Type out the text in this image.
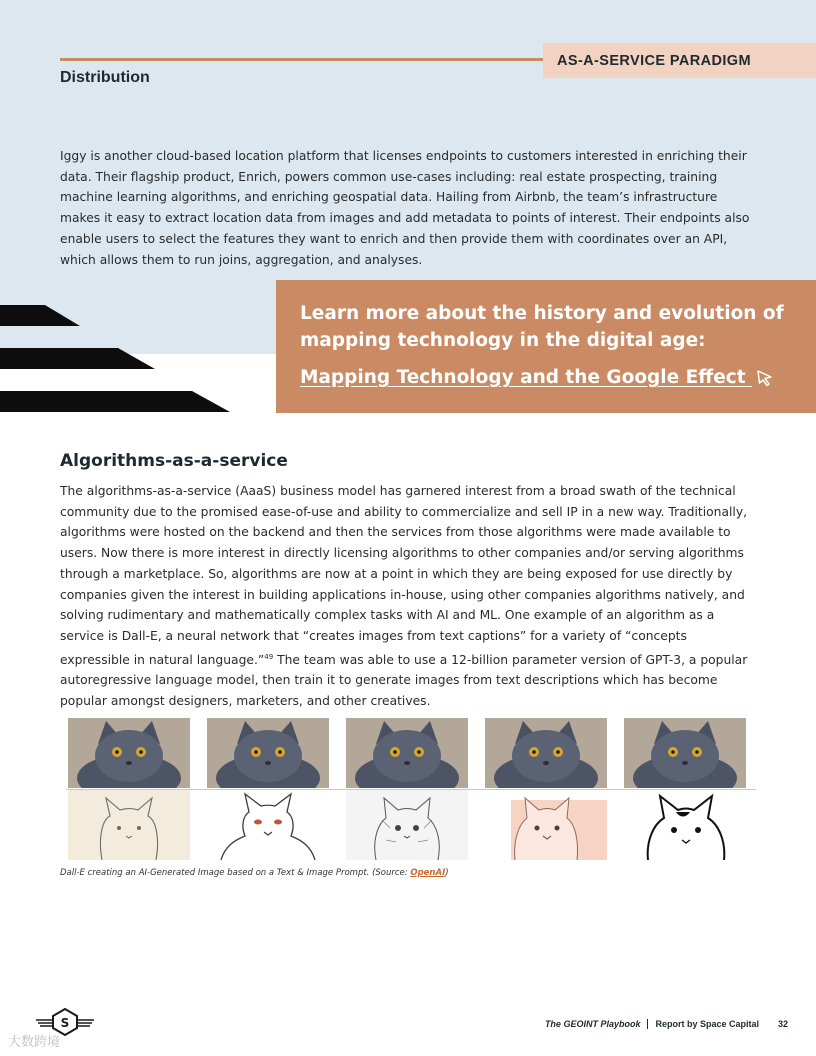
AS-A-SERVICE PARADIGM
Distribution

Iggy is another cloud-based location platform that licenses endpoints to customers interested in enriching their data. Their flagship product, Enrich, powers common use-cases including: real estate prospecting, training machine learning algorithms, and enriching geospatial data. Hailing from Airbnb, the team’s infrastructure makes it easy to extract location data from images and add metadata to points of interest. Their endpoints also enable users to select the features they want to enrich and then provide them with coordinates over an API, which allows them to run joins, aggregation, and analyses.

Learn more about the history and evolution of mapping technology in the digital age:
Mapping Technology and the Google Effect
Algorithms-as-a-service

The algorithms-as-a-service (AaaS) business model has garnered interest from a broad swath of the technical community due to the promised ease-of-use and ability to commercialize and sell IP in a new way. Traditionally, algorithms were hosted on the backend and then the services from those algorithms were made available to users. Now there is more interest in directly licensing algorithms to other companies and/or serving algorithms through a marketplace. So, algorithms are now at a point in which they are being exposed for use directly by companies given the interest in building applications in-house, using other companies algorithms natively, and solving rudimentary and mathematically complex tasks with AI and ML. One example of an algorithm as a service is Dall-E, a neural network that “creates images from text captions” for a variety of “concepts expressible in natural language.”$^{49}$ The team was able to use a 12-billion parameter version of GPT-3, a popular autoregressive language model, then train it to generate images from text descriptions which has become popular amongst designers, marketers, and other creatives.

Dall-E creating an AI-Generated Image based on a Text & Image Prompt. (Source: OpenAI)
S
大数跨境
The GEOINT Playbook Report by Space Capital 32
